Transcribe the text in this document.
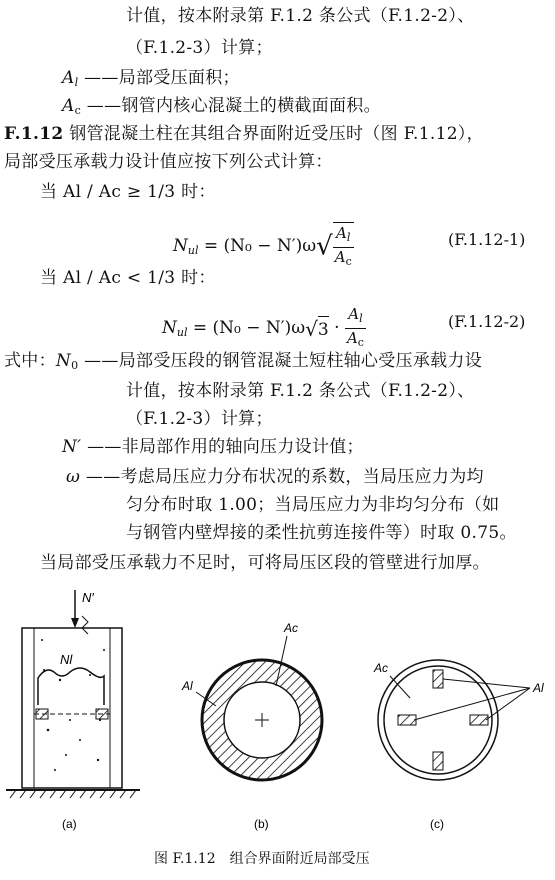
计值，按本附录第 F.1.2 条公式（F.1.2-2）、
（F.1.2-3）计算；
$A_l$ ——局部受压面积；
$A_c$ ——钢管内核心混凝土的横截面面积。
F.1.12 钢管混凝土柱在其组合界面附近受压时（图 F.1.12），
局部受压承载力设计值应按下列公式计算：
当 Al / Ac ≥ 1/3 时：
$N_{ul} = (N_0 - N')\omega√ \frac{A_l}{A_c}$	(F.1.12-1)
当 Al / Ac < 1/3 时：
$N_{ul} = (N_0 - N')\omega√3 \cdot \frac{A_l}{A_c}$	(F.1.12-2)
式中：$N_0$ ——局部受压段的钢管混凝土短柱轴心受压承载力设
计值，按本附录第 F.1.2 条公式（F.1.2-2）、
（F.1.2-3）计算；
N′ ——非局部作用的轴向压力设计值；
ω ——考虑局压应力分布状况的系数，当局压应力为均
匀分布时取 1.00；当局压应力为非均匀分布（如
与钢管内壁焊接的柔性抗剪连接件等）时取 0.75。
当局部受压承载力不足时，可将局压区段的管壁进行加厚。
N′
Nl
(a)
Ac
Al
(b)
Ac
Al
(c)
图 F.1.12　组合界面附近局部受压
